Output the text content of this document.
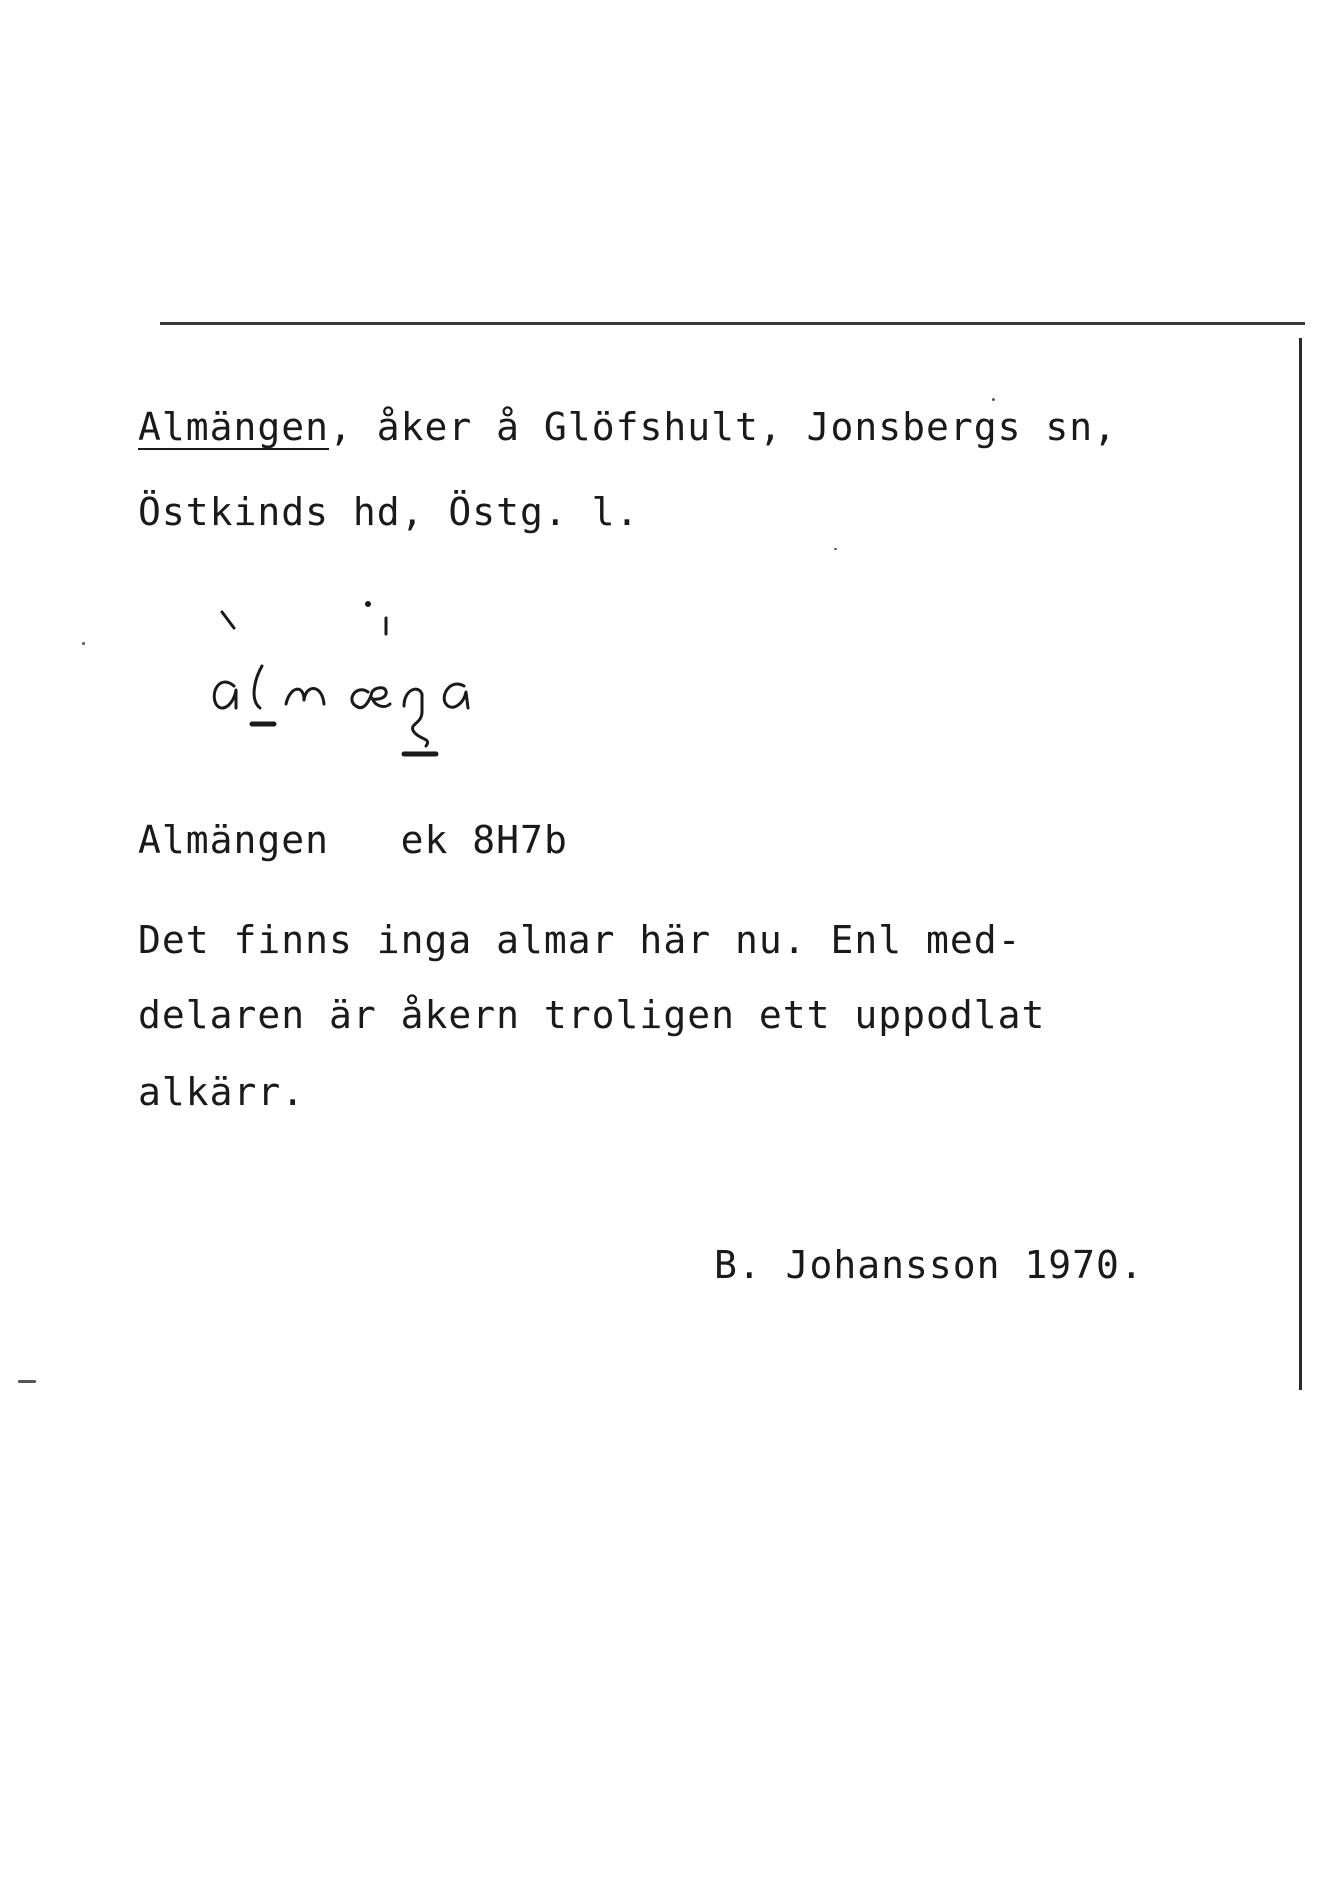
Almängen, åker å Glöfshult, Jonsbergs sn,

Östkinds hd, Östg. l.

Almängen ek 8H7b

Det finns inga almar här nu. Enl med-

delaren är åkern troligen ett uppodlat

alkärr.

B. Johansson 1970.
